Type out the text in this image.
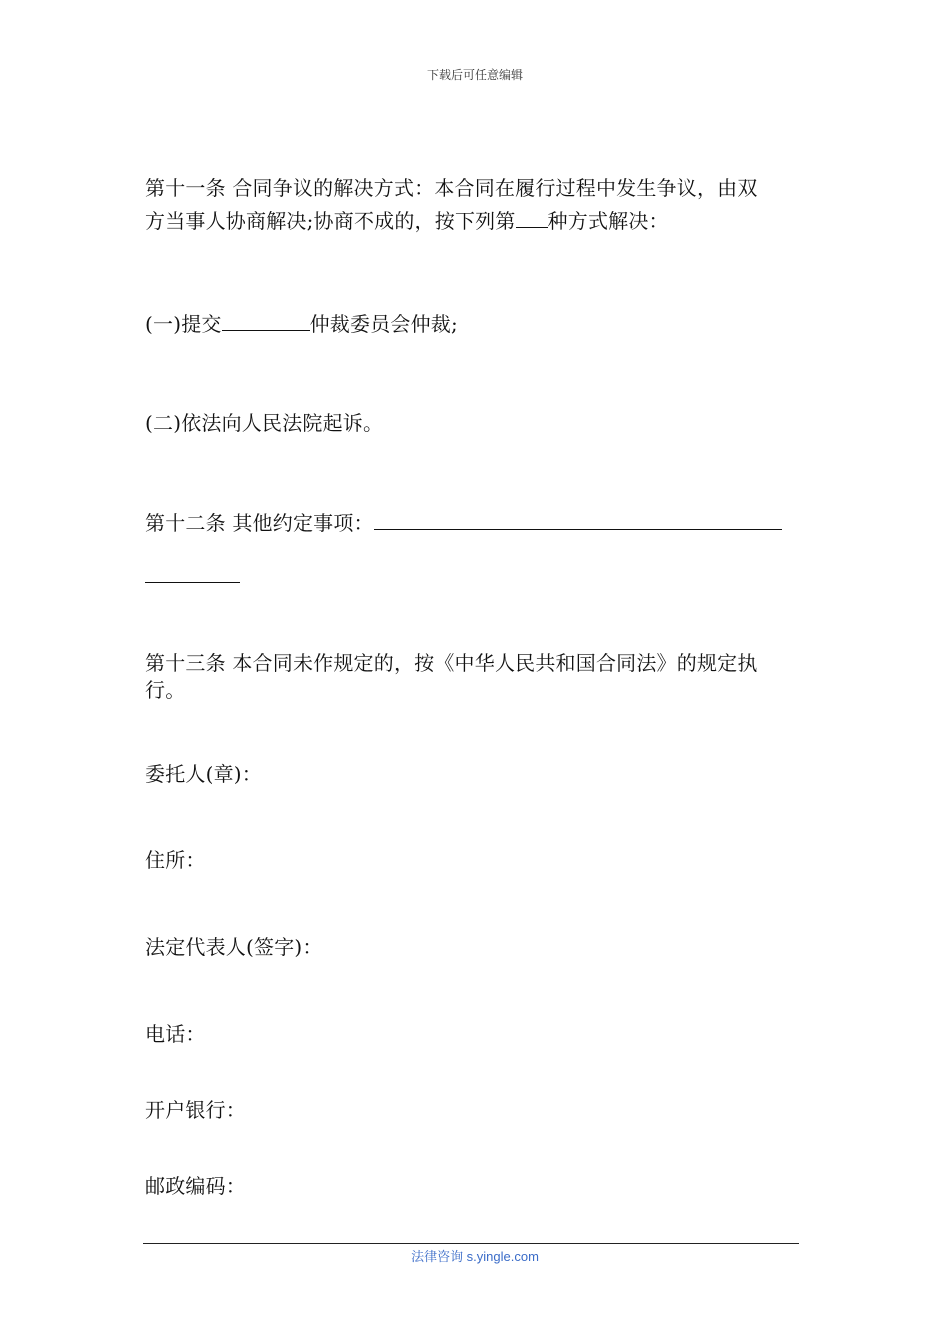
下载后可任意编辑
第十一条 合同争议的解决方式：本合同在履行过程中发生争议，由双
方当事人协商解决;协商不成的，按下列第 种方式解决：
(一)提交	仲裁委员会仲裁;
(二)依法向人民法院起诉。
第十二条 其他约定事项：
第十三条 本合同未作规定的，按《中华人民共和国合同法》的规定执
行。
委托人(章)：
住所：
法定代表人(签字)：
电话：
开户银行：
邮政编码：
法律咨询 s.yingle.com
